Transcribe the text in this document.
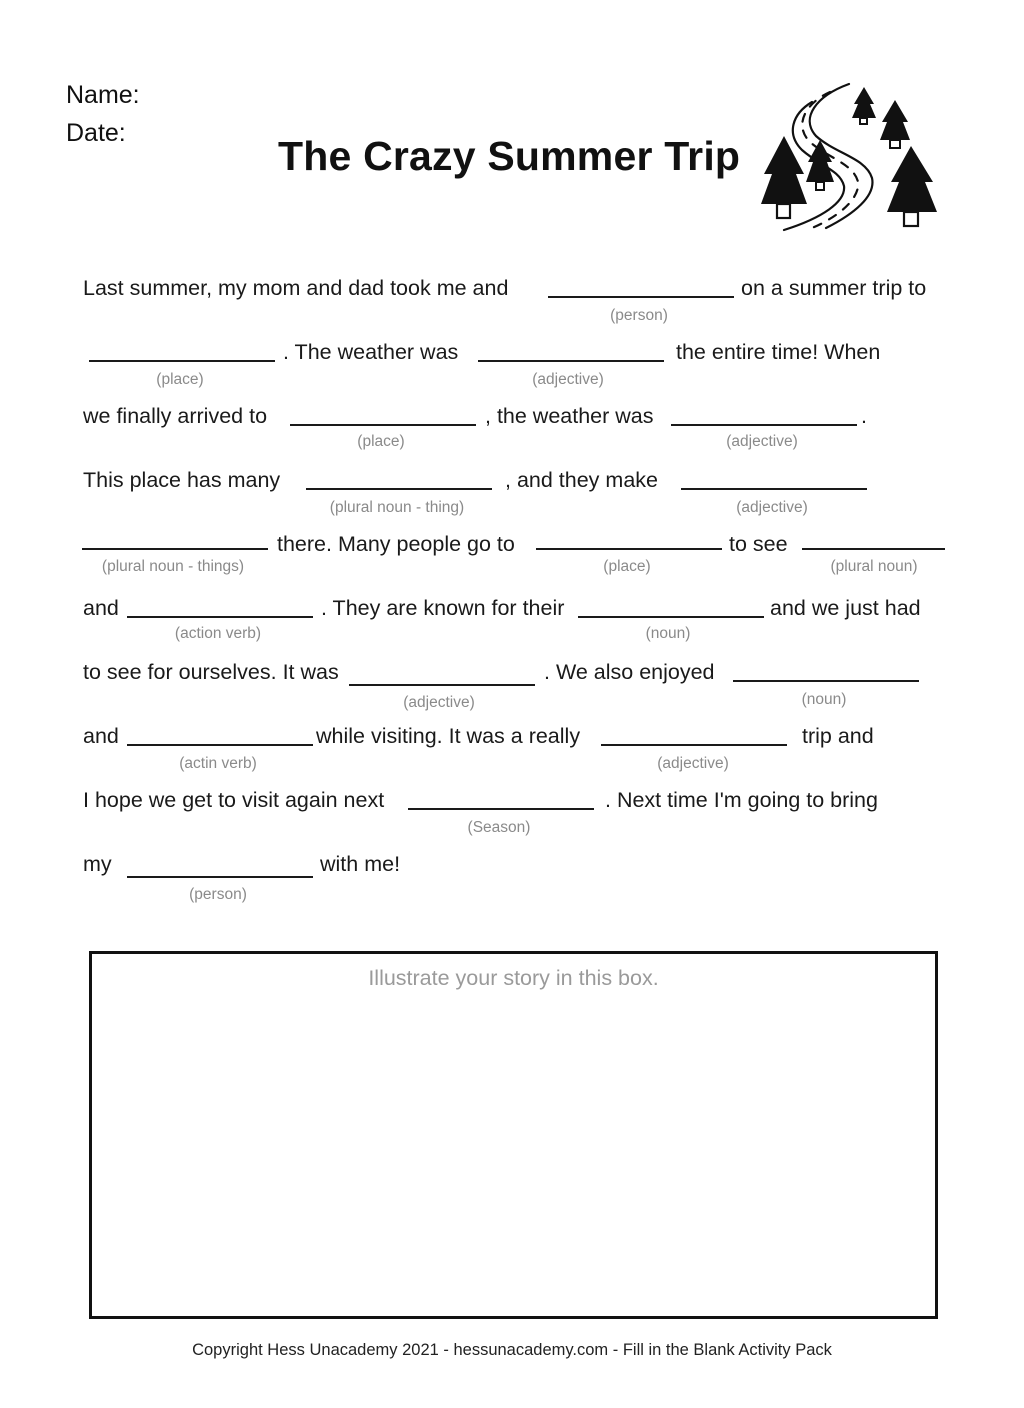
Name:
Date:	The Crazy Summer Trip
Last summer, my mom and dad took me and	on a summer trip to
(person)
. The weather was	the entire time! When
(place)	(adjective)
we finally arrived to	, the weather was	.
(place)	(adjective)
This place has many	, and they make
(plural noun - thing)	(adjective)
there. Many people go to	to see
(plural noun - things)	(place)	(plural noun)
and	. They are known for their	and we just had
(action verb)	(noun)
to see for ourselves. It was	. We also enjoyed
(adjective)	(noun)
and	while visiting. It was a really	trip and
(actin verb)	(adjective)
I hope we get to visit again next	. Next time I'm going to bring
(Season)
my	with me!
(person)
Illustrate your story in this box.
Copyright Hess Unacademy 2021 - hessunacademy.com - Fill in the Blank Activity Pack
